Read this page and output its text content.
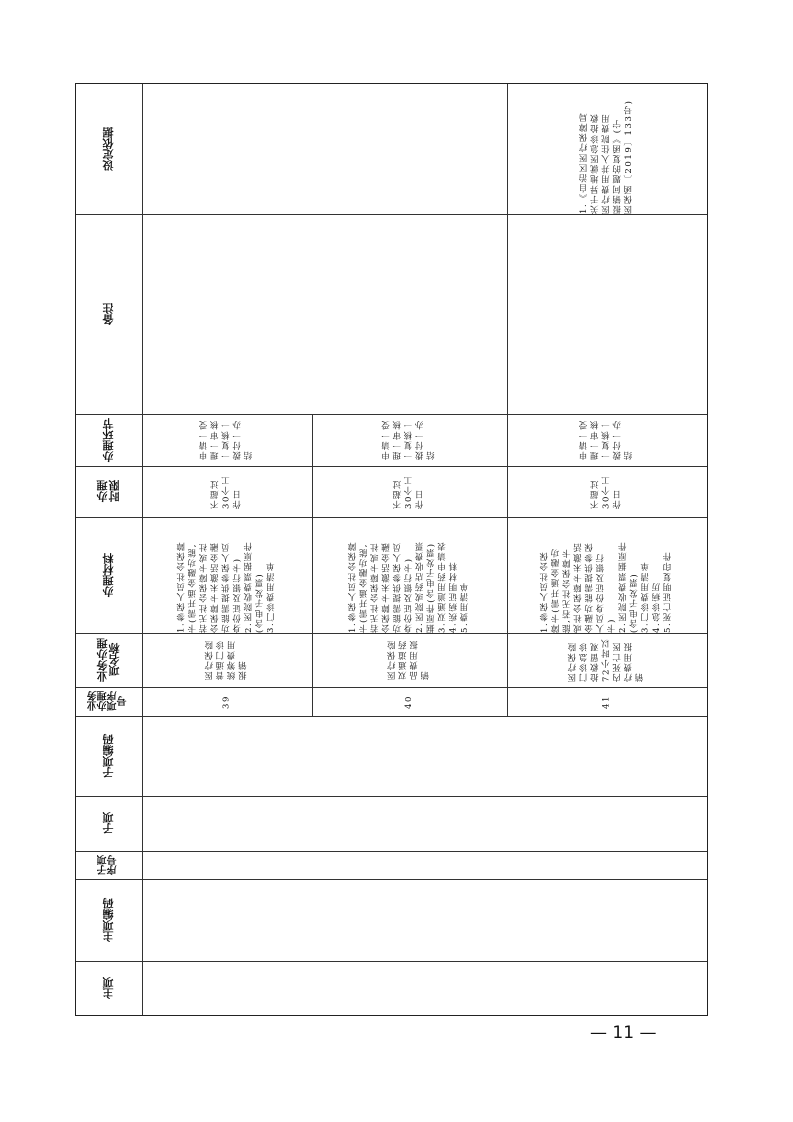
设定依据
备注
办理环节
办理
时限
办理材料
业务办理
项名称
业务
办理
项序
号
子项编码
子项
子项
序号
主项编码
主项
申请一受
理一审核
一复核一
拨付一办
结
不超过
30个工
作日
1.参保人员社会保障
卡(需开通金融功能,
若无社会保障卡或社
会保障卡未激活金融
功能需提供参保人员
身份证及银行卡)
2.医院收费票据原件
(含电子发票)
3.门诊费用清单
医疗保险
普通门诊
统筹费用
报销
39
申请一受
理一审核
一复核一
拨付一办
结
不超过
30个工
作日
1.参保人员社会保障
卡(需开通金融功能,
若无社会保障卡或社
会保障卡未激活金融
功能需提供参保人员
身份证及银行卡)
2.医院或药店收费票
据原件(含电子发票)
3.双通道用药申请表
4.疾病证明材料
5.费用清单
医疗保险
双通道药
品费用报
销
40
1.《自治区医疗保障局
关于异地就医急诊抢救
医疗费用并入住院费用
报销问题的复函》(宁
医保函〔2019〕133号)
申请一受
理一审核
一复核一
拨付一办
结
不超过
30个工
作日
1.参保人员社会保
障卡(需开通金融功
能,若无社会保障卡
或社会保障卡未激活
金融功能需提供参保
人员身份证及银行
卡)
2.医院收费票据原件
(含电子发票)
3.门诊费用清单
4.急诊病历
5.死亡证明复印件
医疗保险
门诊急诊
抢救留观
72小时以
内死亡医
疗费用报
销
41
— 11 —
